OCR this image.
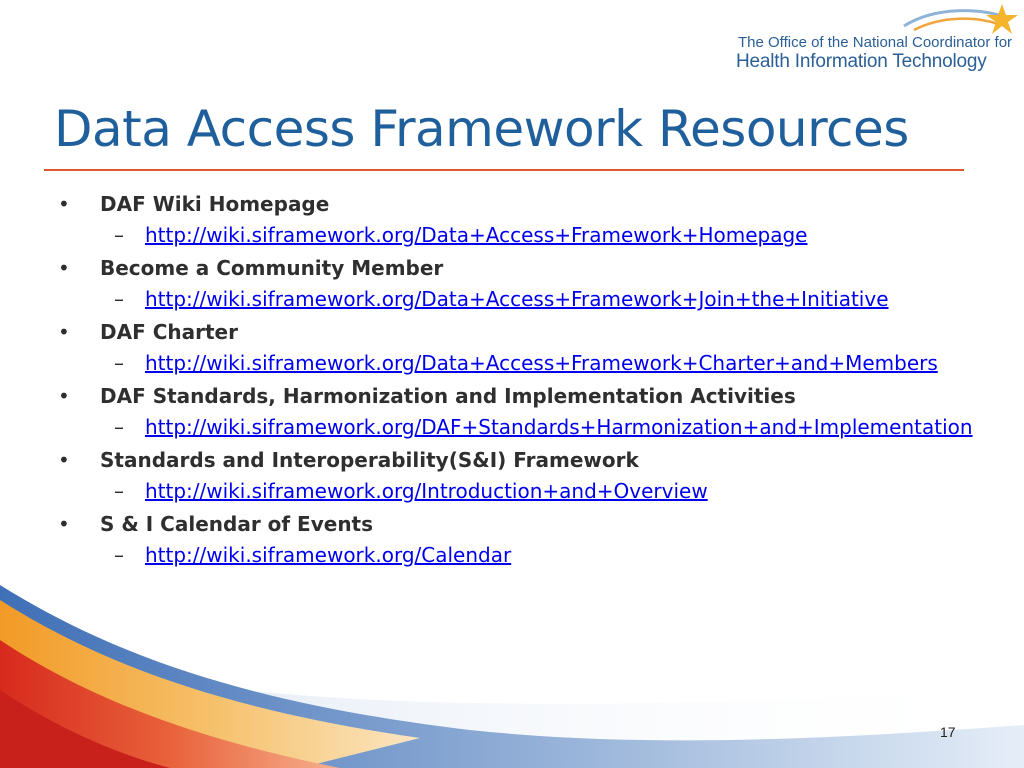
The Office of the National Coordinator for
Health Information Technology
Data Access Framework Resources
• DAF Wiki Homepage
– http://wiki.siframework.org/Data+Access+Framework+Homepage
• Become a Community Member
– http://wiki.siframework.org/Data+Access+Framework+Join+the+Initiative
• DAF Charter
– http://wiki.siframework.org/Data+Access+Framework+Charter+and+Members
• DAF Standards, Harmonization and Implementation Activities
– http://wiki.siframework.org/DAF+Standards+Harmonization+and+Implementation
• Standards and Interoperability(S&I) Framework
– http://wiki.siframework.org/Introduction+and+Overview
• S & I Calendar of Events
– http://wiki.siframework.org/Calendar
17
